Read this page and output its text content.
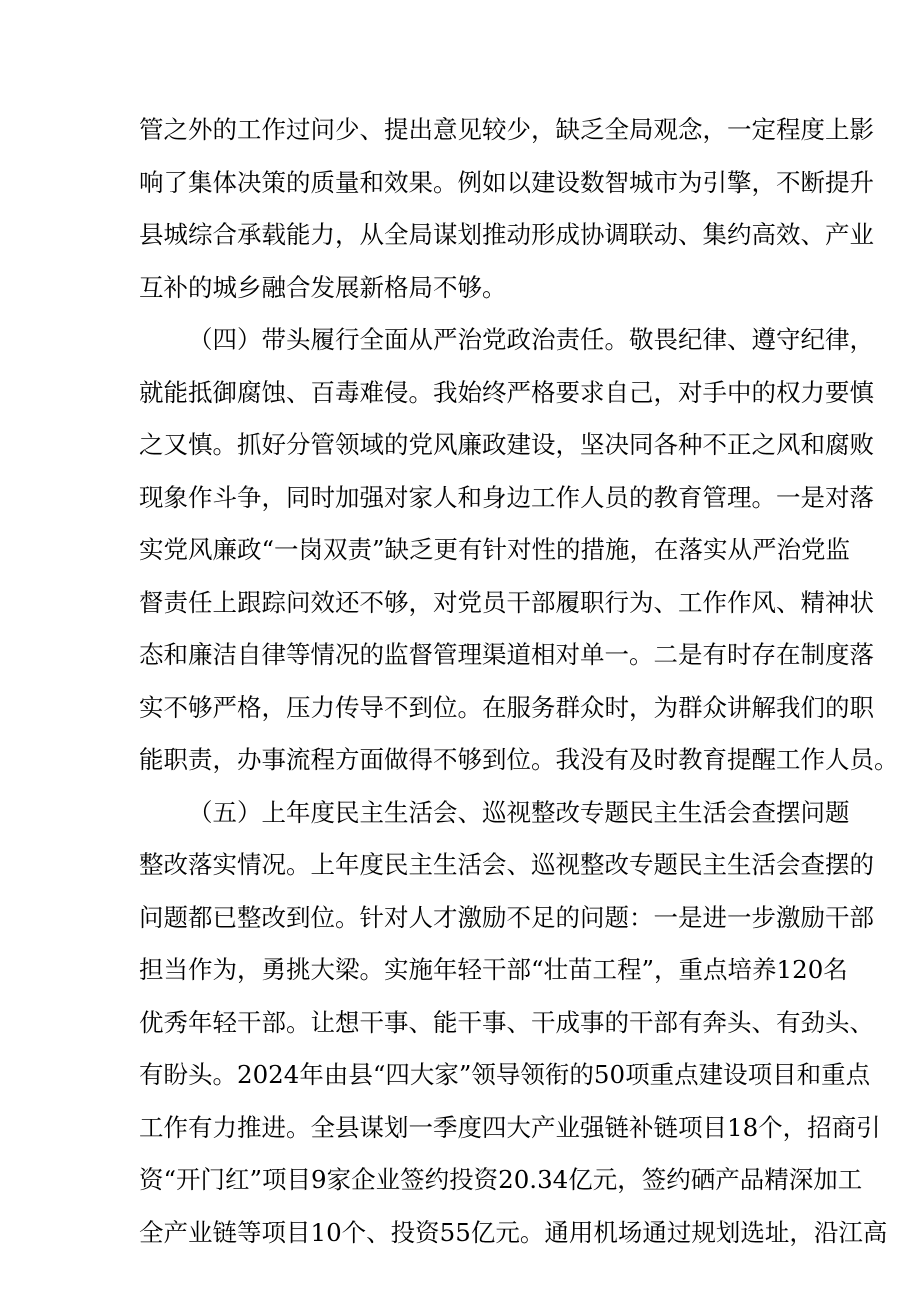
管之外的工作过问少、提出意见较少，缺乏全局观念，一定程度上影
响了集体决策的质量和效果。例如以建设数智城市为引擎，不断提升
县城综合承载能力，从全局谋划推动形成协调联动、集约高效、产业
互补的城乡融合发展新格局不够。

（四）带头履行全面从严治党政治责任。敬畏纪律、遵守纪律，
就能抵御腐蚀、百毒难侵。我始终严格要求自己，对手中的权力要慎
之又慎。抓好分管领域的党风廉政建设，坚决同各种不正之风和腐败
现象作斗争，同时加强对家人和身边工作人员的教育管理。一是对落
实党风廉政“一岗双责”缺乏更有针对性的措施，在落实从严治党监
督责任上跟踪问效还不够，对党员干部履职行为、工作作风、精神状
态和廉洁自律等情况的监督管理渠道相对单一。二是有时存在制度落
实不够严格，压力传导不到位。在服务群众时，为群众讲解我们的职
能职责，办事流程方面做得不够到位。我没有及时教育提醒工作人员。

（五）上年度民主生活会、巡视整改专题民主生活会查摆问题
整改落实情况。上年度民主生活会、巡视整改专题民主生活会查摆的
问题都已整改到位。针对人才激励不足的问题：一是进一步激励干部
担当作为，勇挑大梁。实施年轻干部“壮苗工程”，重点培养120名
优秀年轻干部。让想干事、能干事、干成事的干部有奔头、有劲头、
有盼头。2024年由县“四大家”领导领衔的50项重点建设项目和重点
工作有力推进。全县谋划一季度四大产业强链补链项目18个，招商引
资“开门红”项目9家企业签约投资20.34亿元，签约硒产品精深加工
全产业链等项目10个、投资55亿元。通用机场通过规划选址，沿江高
